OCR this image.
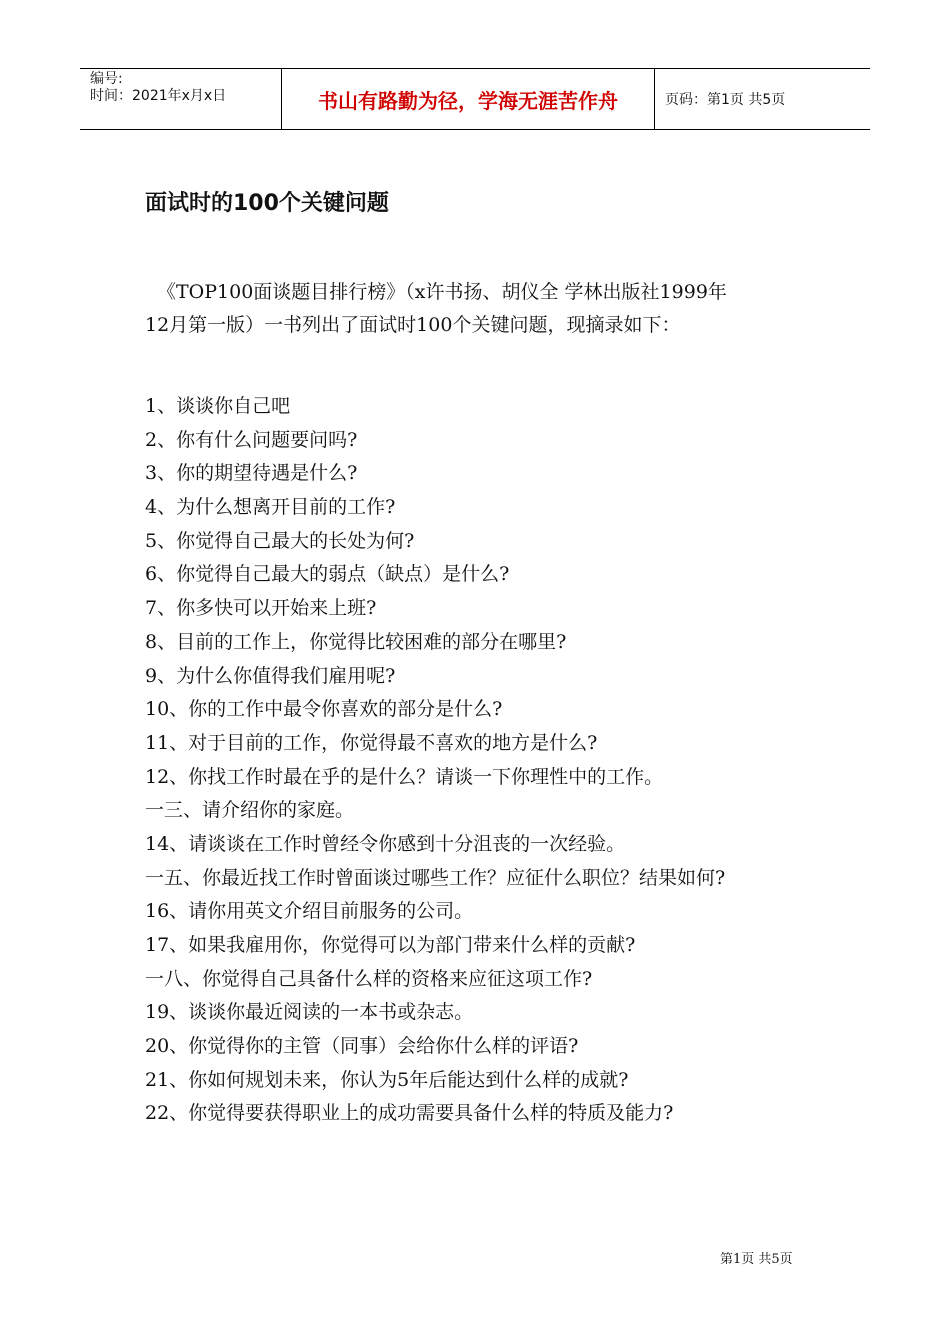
编号:
时间：2021年x月x日	书山有路勤为径，学海无涯苦作舟	页码：第1页 共5页
面试时的100个关键问题
《TOP100面谈题目排行榜》（x许书扬、胡仪全 学林出版社1999年
12月第一版）一书列出了面试时100个关键问题，现摘录如下：
1、谈谈你自己吧
2、你有什么问题要问吗?
3、你的期望待遇是什么?
4、为什么想离开目前的工作?
5、你觉得自己最大的长处为何?
6、你觉得自己最大的弱点（缺点）是什么?
7、你多快可以开始来上班?
8、目前的工作上，你觉得比较困难的部分在哪里?
9、为什么你值得我们雇用呢?
10、你的工作中最令你喜欢的部分是什么?
11、对于目前的工作，你觉得最不喜欢的地方是什么?
12、你找工作时最在乎的是什么？请谈一下你理性中的工作。
一三、请介绍你的家庭。
14、请谈谈在工作时曾经令你感到十分沮丧的一次经验。
一五、你最近找工作时曾面谈过哪些工作？应征什么职位？结果如何?
16、请你用英文介绍目前服务的公司。
17、如果我雇用你，你觉得可以为部门带来什么样的贡献?
一八、你觉得自己具备什么样的资格来应征这项工作?
19、谈谈你最近阅读的一本书或杂志。
20、你觉得你的主管（同事）会给你什么样的评语?
21、你如何规划未来，你认为5年后能达到什么样的成就?
22、你觉得要获得职业上的成功需要具备什么样的特质及能力?
第1页 共5页
